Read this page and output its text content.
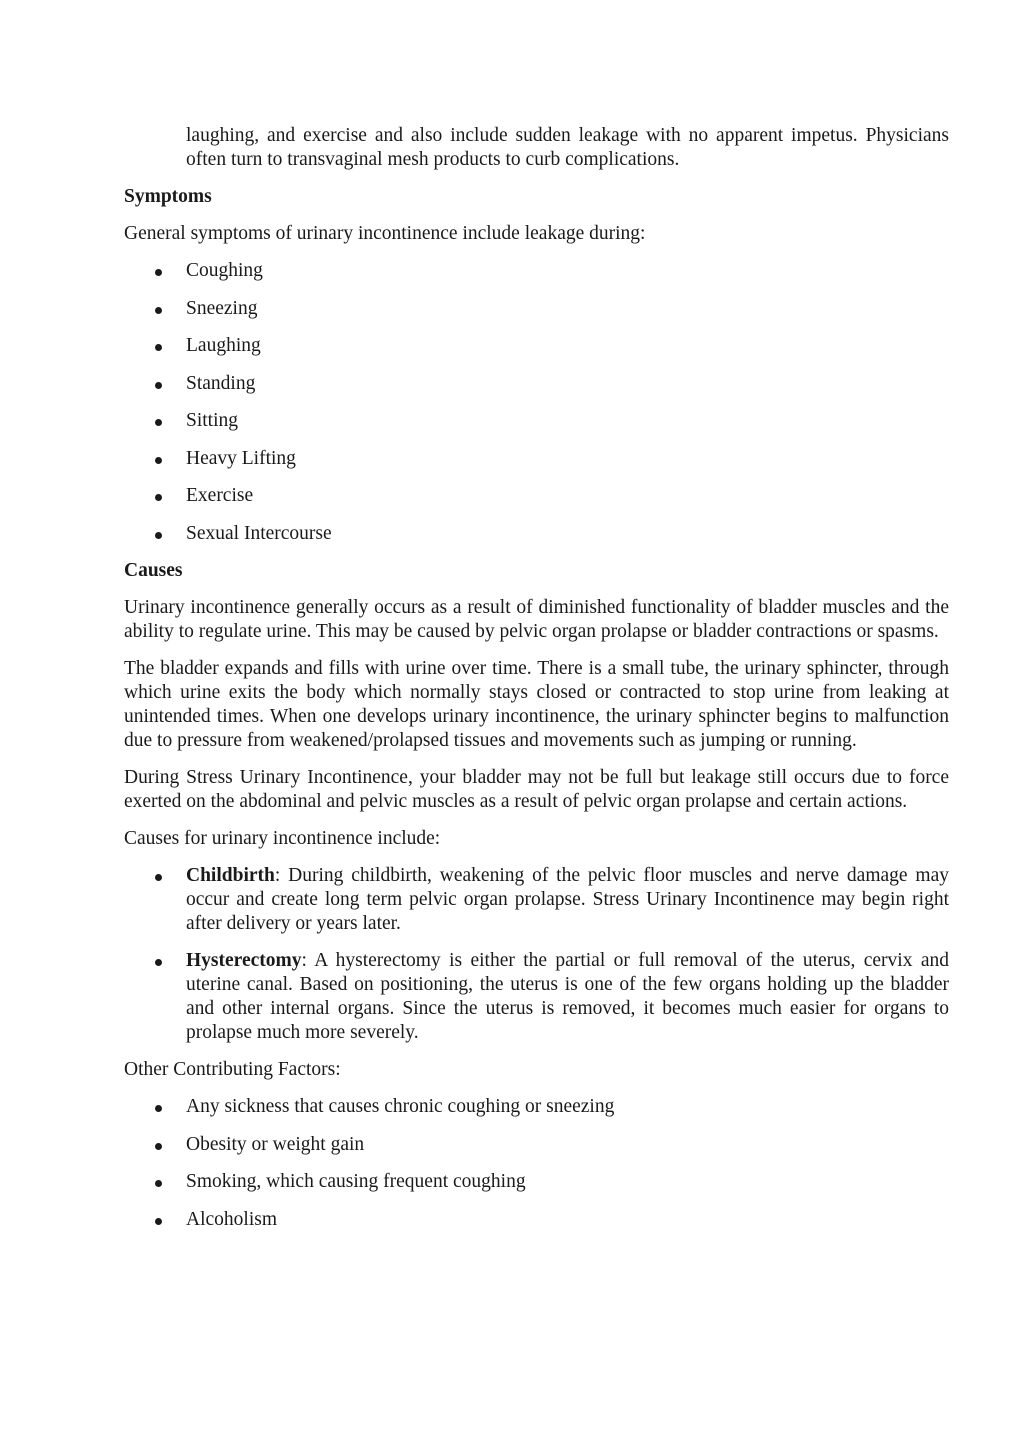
laughing, and exercise and also include sudden leakage with no apparent impetus. Physicians often turn to transvaginal mesh products to curb complications.

Symptoms

General symptoms of urinary incontinence include leakage during:

Coughing
Sneezing
Laughing
Standing
Sitting
Heavy Lifting
Exercise
Sexual Intercourse

Causes

Urinary incontinence generally occurs as a result of diminished functionality of bladder muscles and the ability to regulate urine. This may be caused by pelvic organ prolapse or bladder contractions or spasms.

The bladder expands and fills with urine over time. There is a small tube, the urinary sphincter, through which urine exits the body which normally stays closed or contracted to stop urine from leaking at unintended times. When one develops urinary incontinence, the urinary sphincter begins to malfunction due to pressure from weakened/prolapsed tissues and movements such as jumping or running.

During Stress Urinary Incontinence, your bladder may not be full but leakage still occurs due to force exerted on the abdominal and pelvic muscles as a result of pelvic organ prolapse and certain actions.

Causes for urinary incontinence include:

Childbirth: During childbirth, weakening of the pelvic floor muscles and nerve damage may occur and create long term pelvic organ prolapse. Stress Urinary Incontinence may begin right after delivery or years later.
Hysterectomy: A hysterectomy is either the partial or full removal of the uterus, cervix and uterine canal. Based on positioning, the uterus is one of the few organs holding up the bladder and other internal organs. Since the uterus is removed, it becomes much easier for organs to prolapse much more severely.

Other Contributing Factors:

Any sickness that causes chronic coughing or sneezing
Obesity or weight gain
Smoking, which causing frequent coughing
Alcoholism
